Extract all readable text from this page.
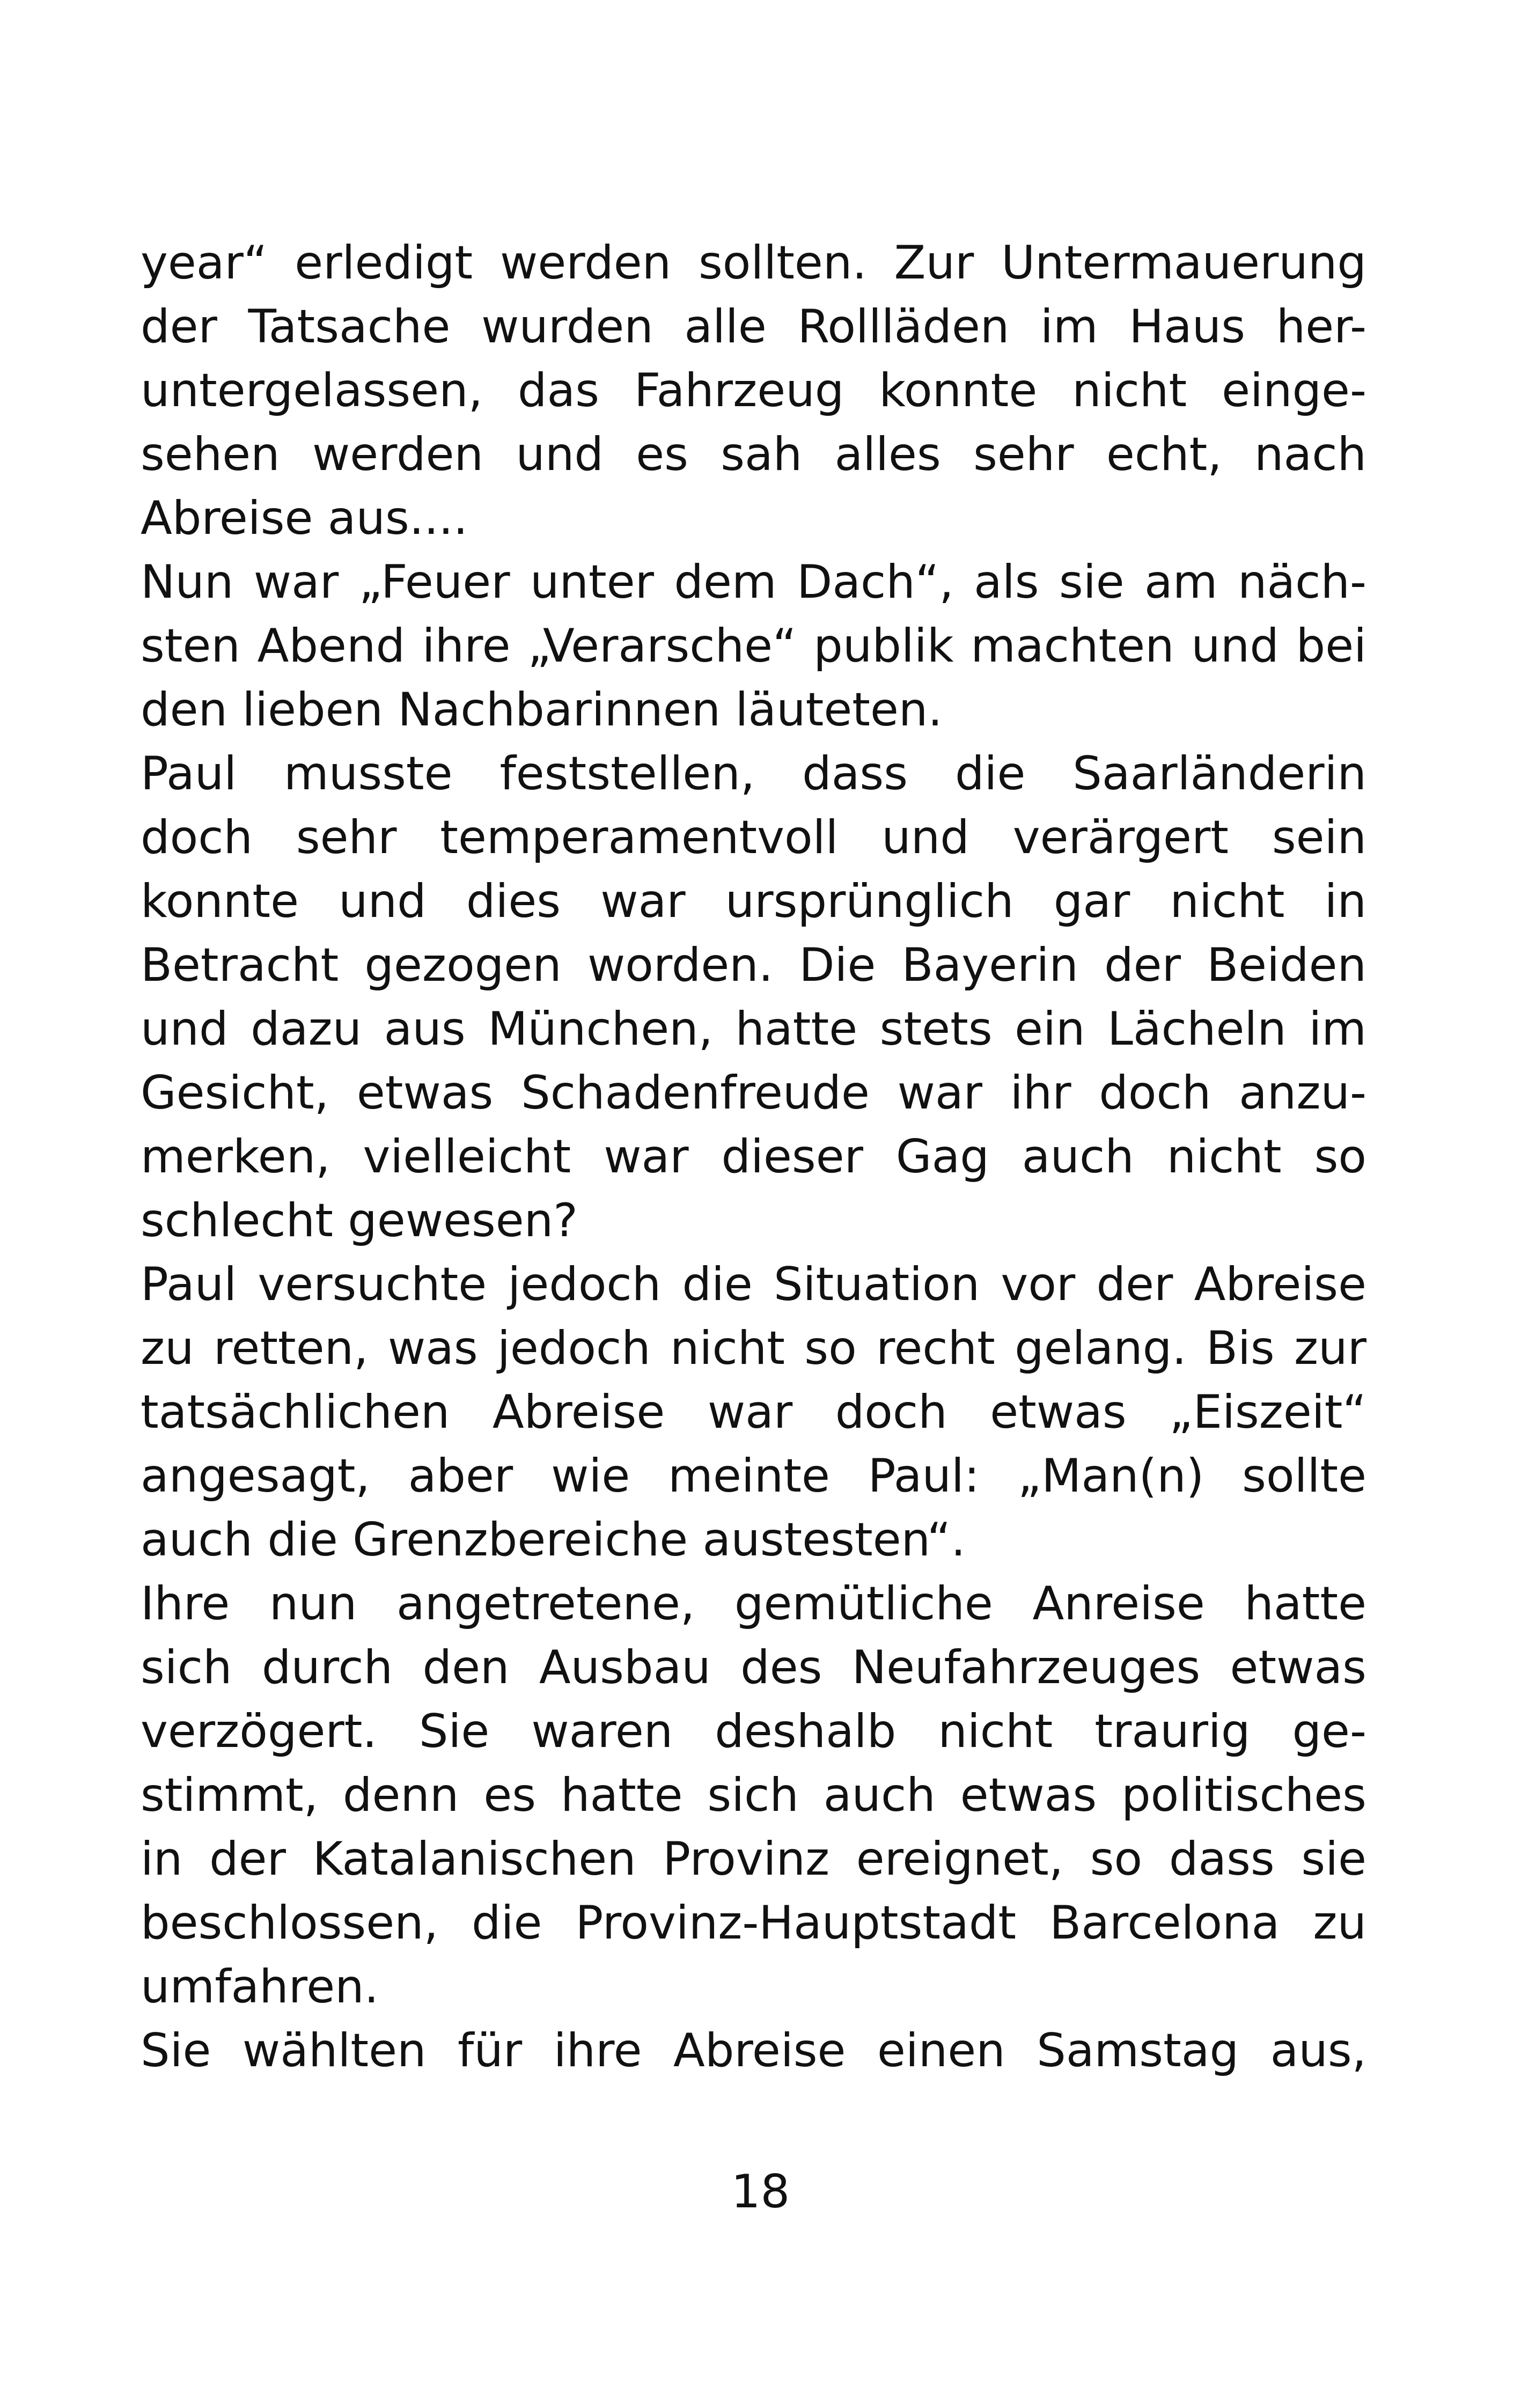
year“ erledigt werden sollten. Zur Untermauerung
der Tatsache wurden alle Rollläden im Haus her-
untergelassen, das Fahrzeug konnte nicht einge-
sehen werden und es sah alles sehr echt, nach
Abreise aus....
Nun war „Feuer unter dem Dach“, als sie am näch-
sten Abend ihre „Verarsche“ publik machten und bei
den lieben Nachbarinnen läuteten.
Paul musste feststellen, dass die Saarländerin
doch sehr temperamentvoll und verärgert sein
konnte und dies war ursprünglich gar nicht in
Betracht gezogen worden. Die Bayerin der Beiden
und dazu aus München, hatte stets ein Lächeln im
Gesicht, etwas Schadenfreude war ihr doch anzu-
merken, vielleicht war dieser Gag auch nicht so
schlecht gewesen?
Paul versuchte jedoch die Situation vor der Abreise
zu retten, was jedoch nicht so recht gelang. Bis zur
tatsächlichen Abreise war doch etwas „Eiszeit“
angesagt, aber wie meinte Paul: „Man(n) sollte
auch die Grenzbereiche austesten“.
Ihre nun angetretene, gemütliche Anreise hatte
sich durch den Ausbau des Neufahrzeuges etwas
verzögert. Sie waren deshalb nicht traurig ge-
stimmt, denn es hatte sich auch etwas politisches
in der Katalanischen Provinz ereignet, so dass sie
beschlossen, die Provinz-Hauptstadt Barcelona zu
umfahren.
Sie wählten für ihre Abreise einen Samstag aus,
18
